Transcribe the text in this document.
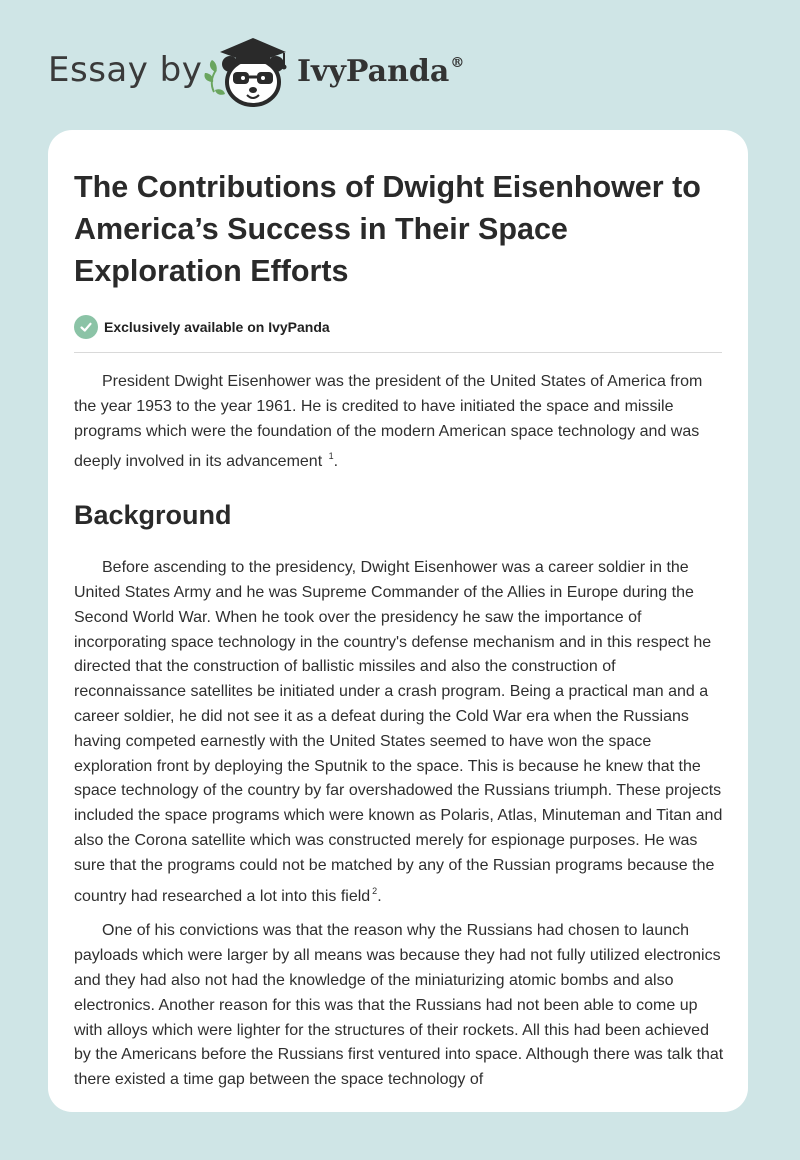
Essay by	IvyPanda®
The Contributions of Dwight Eisenhower to America’s Success in Their Space Exploration Efforts
Exclusively available on IvyPanda

President Dwight Eisenhower was the president of the United States of America from the year 1953 to the year 1961. He is credited to have initiated the space and missile programs which were the foundation of the modern American space technology and was deeply involved in its advancement $^1$.

Background

Before ascending to the presidency, Dwight Eisenhower was a career soldier in the United States Army and he was Supreme Commander of the Allies in Europe during the Second World War. When he took over the presidency he saw the importance of incorporating space technology in the country's defense mechanism and in this respect he directed that the construction of ballistic missiles and also the construction of reconnaissance satellites be initiated under a crash program. Being a practical man and a career soldier, he did not see it as a defeat during the Cold War era when the Russians having competed earnestly with the United States seemed to have won the space exploration front by deploying the Sputnik to the space. This is because he knew that the space technology of the country by far overshadowed the Russians triumph. These projects included the space programs which were known as Polaris, Atlas, Minuteman and Titan and also the Corona satellite which was constructed merely for espionage purposes. He was sure that the programs could not be matched by any of the Russian programs because the country had researched a lot into this field $^2$.

One of his convictions was that the reason why the Russians had chosen to launch payloads which were larger by all means was because they had not fully utilized electronics and they had also not had the knowledge of the miniaturizing atomic bombs and also electronics. Another reason for this was that the Russians had not been able to come up with alloys which were lighter for the structures of their rockets. All this had been achieved by the Americans before the Russians first ventured into space. Although there was talk that there existed a time gap between the space technology of
